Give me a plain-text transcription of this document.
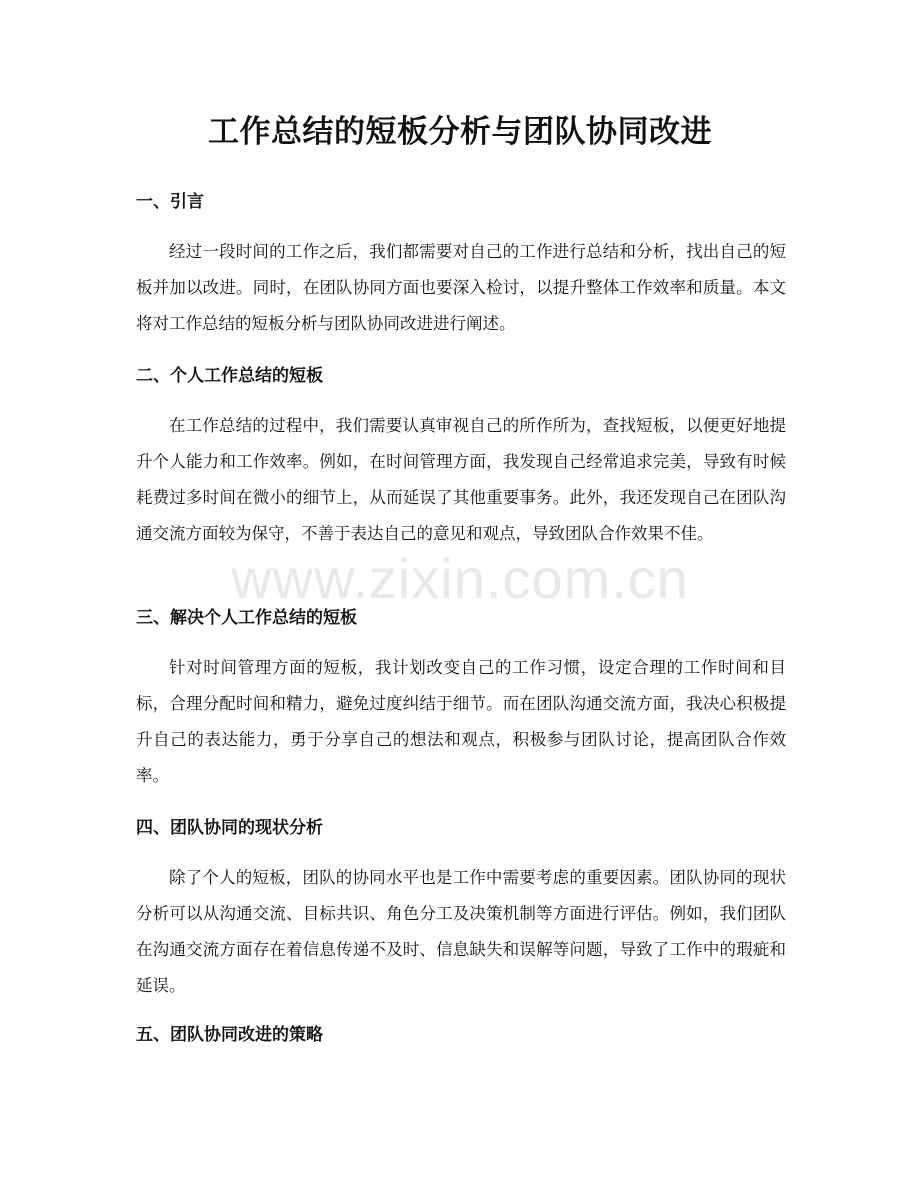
工作总结的短板分析与团队协同改进
一、引言

经过一段时间的工作之后，我们都需要对自己的工作进行总结和分析，找出自己的短板并加以改进。同时，在团队协同方面也要深入检讨，以提升整体工作效率和质量。本文将对工作总结的短板分析与团队协同改进进行阐述。

二、个人工作总结的短板

在工作总结的过程中，我们需要认真审视自己的所作所为，查找短板，以便更好地提升个人能力和工作效率。例如，在时间管理方面，我发现自己经常追求完美，导致有时候耗费过多时间在微小的细节上，从而延误了其他重要事务。此外，我还发现自己在团队沟通交流方面较为保守，不善于表达自己的意见和观点，导致团队合作效果不佳。

三、解决个人工作总结的短板

针对时间管理方面的短板，我计划改变自己的工作习惯，设定合理的工作时间和目标，合理分配时间和精力，避免过度纠结于细节。而在团队沟通交流方面，我决心积极提升自己的表达能力，勇于分享自己的想法和观点，积极参与团队讨论，提高团队合作效率。

四、团队协同的现状分析

除了个人的短板，团队的协同水平也是工作中需要考虑的重要因素。团队协同的现状分析可以从沟通交流、目标共识、角色分工及决策机制等方面进行评估。例如，我们团队在沟通交流方面存在着信息传递不及时、信息缺失和误解等问题，导致了工作中的瑕疵和延误。

五、团队协同改进的策略
www.zixin.com.cn
